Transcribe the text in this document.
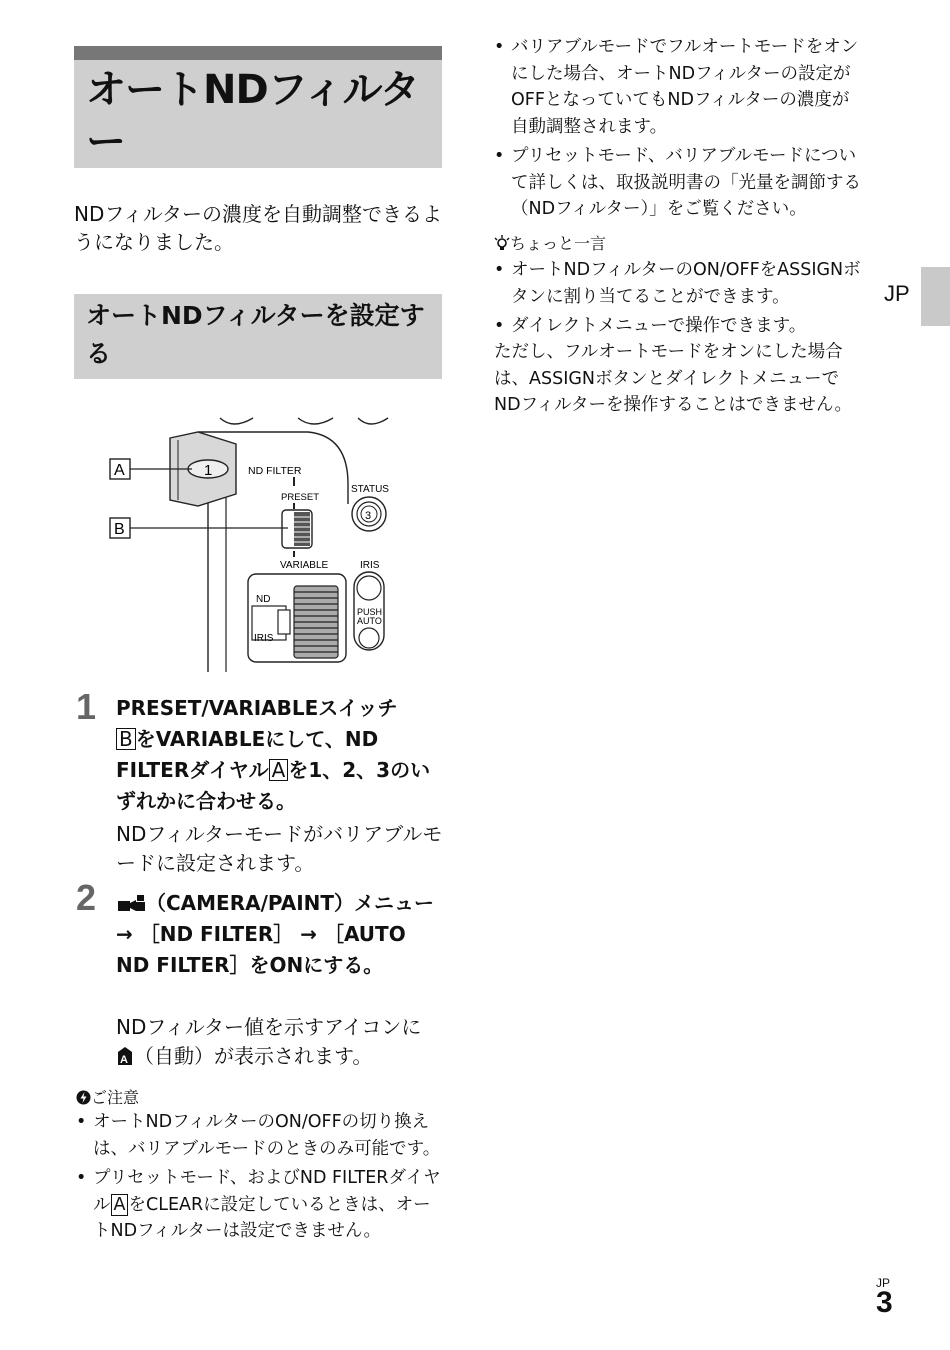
オートNDフィルター
NDフィルターの濃度を自動調整できるようになりました。
オートNDフィルターを設定する
1
A	ND FILTER
PRESET
B
VARIABLE
STATUS
3
ND
IRIS
IRIS
PUSH
AUTO
1 PRESET/VARIABLEスイッチ
B をVARIABLEにして、ND FILTERダイヤル A を1、2、3のいずれかに合わせる。
NDフィルターモードがバリアブルモードに設定されます。
2	（CAMERA/PAINT）メニュー → ［ND FILTER］ → ［AUTO ND FILTER］をONにする。
NDフィルター値を示すアイコンに

A （自動）が表示されます。
ご注意
• オートNDフィルターのON/OFFの切り換えは、バリアブルモードのときのみ可能です。
• プリセットモード、およびND FILTERダイヤル A をCLEARに設定しているときは、オートNDフィルターは設定できません。
• バリアブルモードでフルオートモードをオンにした場合、オートNDフィルターの設定がOFFとなっていてもNDフィルターの濃度が自動調整されます。
• プリセットモード、バリアブルモードについて詳しくは、取扱説明書の「光量を調節する（NDフィルター）」をご覧ください。
ちょっと一言
• オートNDフィルターのON/OFFをASSIGNボタンに割り当てることができます。
• ダイレクトメニューで操作できます。
ただし、フルオートモードをオンにした場合は、ASSIGNボタンとダイレクトメニューでNDフィルターを操作することはできません。
JP
JP
3
